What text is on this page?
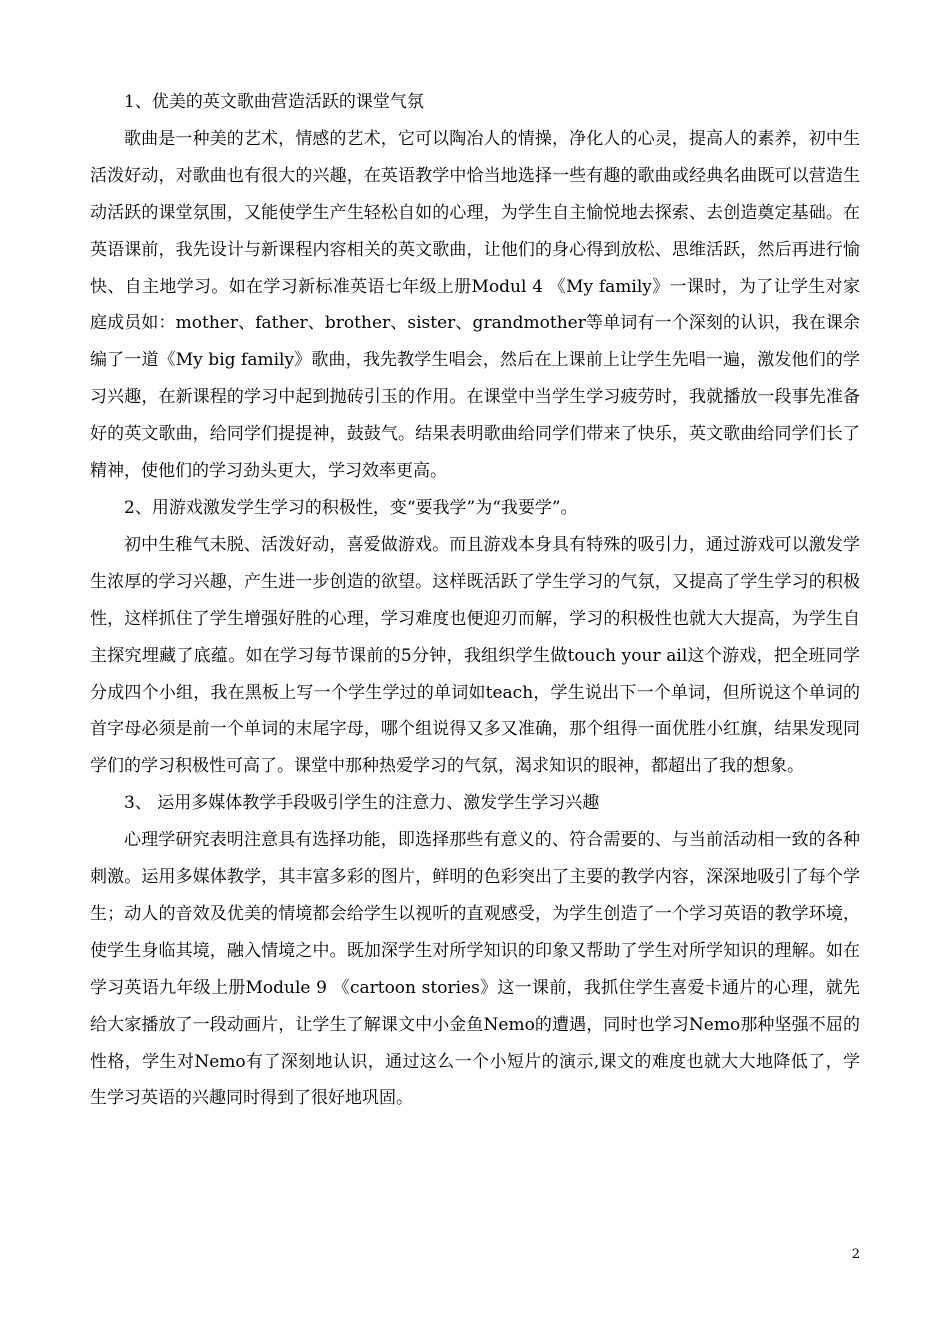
1、优美的英文歌曲营造活跃的课堂气氛

歌曲是一种美的艺术，情感的艺术，它可以陶冶人的情操，净化人的心灵，提高人的素养，初中生活泼好动，对歌曲也有很大的兴趣，在英语教学中恰当地选择一些有趣的歌曲或经典名曲既可以营造生动活跃的课堂氛围，又能使学生产生轻松自如的心理，为学生自主愉悦地去探索、去创造奠定基础。在英语课前，我先设计与新课程内容相关的英文歌曲，让他们的身心得到放松、思维活跃，然后再进行愉快、自主地学习。如在学习新标准英语七年级上册Modul 4 《My family》一课时，为了让学生对家庭成员如：mother、father、brother、sister、grandmother等单词有一个深刻的认识，我在课余编了一道《My big family》歌曲，我先教学生唱会，然后在上课前上让学生先唱一遍，激发他们的学习兴趣，在新课程的学习中起到抛砖引玉的作用。在课堂中当学生学习疲劳时，我就播放一段事先准备好的英文歌曲，给同学们提提神，鼓鼓气。结果表明歌曲给同学们带来了快乐，英文歌曲给同学们长了精神，使他们的学习劲头更大，学习效率更高。

2、用游戏激发学生学习的积极性，变“要我学”为“我要学”。

初中生稚气未脱、活泼好动，喜爱做游戏。而且游戏本身具有特殊的吸引力，通过游戏可以激发学生浓厚的学习兴趣，产生进一步创造的欲望。这样既活跃了学生学习的气氛，又提高了学生学习的积极性，这样抓住了学生增强好胜的心理，学习难度也便迎刃而解，学习的积极性也就大大提高，为学生自主探究埋藏了底蕴。如在学习每节课前的5分钟，我组织学生做touch your ail这个游戏，把全班同学分成四个小组，我在黑板上写一个学生学过的单词如teach，学生说出下一个单词，但所说这个单词的首字母必须是前一个单词的末尾字母，哪个组说得又多又准确，那个组得一面优胜小红旗，结果发现同学们的学习积极性可高了。课堂中那种热爱学习的气氛，渴求知识的眼神，都超出了我的想象。

3、 运用多媒体教学手段吸引学生的注意力、激发学生学习兴趣

心理学研究表明注意具有选择功能，即选择那些有意义的、符合需要的、与当前活动相一致的各种刺激。运用多媒体教学，其丰富多彩的图片，鲜明的色彩突出了主要的教学内容，深深地吸引了每个学生；动人的音效及优美的情境都会给学生以视听的直观感受，为学生创造了一个学习英语的教学环境，使学生身临其境，融入情境之中。既加深学生对所学知识的印象又帮助了学生对所学知识的理解。如在学习英语九年级上册Module 9 《cartoon stories》这一课前，我抓住学生喜爱卡通片的心理，就先给大家播放了一段动画片，让学生了解课文中小金鱼Nemo的遭遇，同时也学习Nemo那种坚强不屈的性格，学生对Nemo有了深刻地认识，通过这么一个小短片的演示,课文的难度也就大大地降低了，学生学习英语的兴趣同时得到了很好地巩固。

2
